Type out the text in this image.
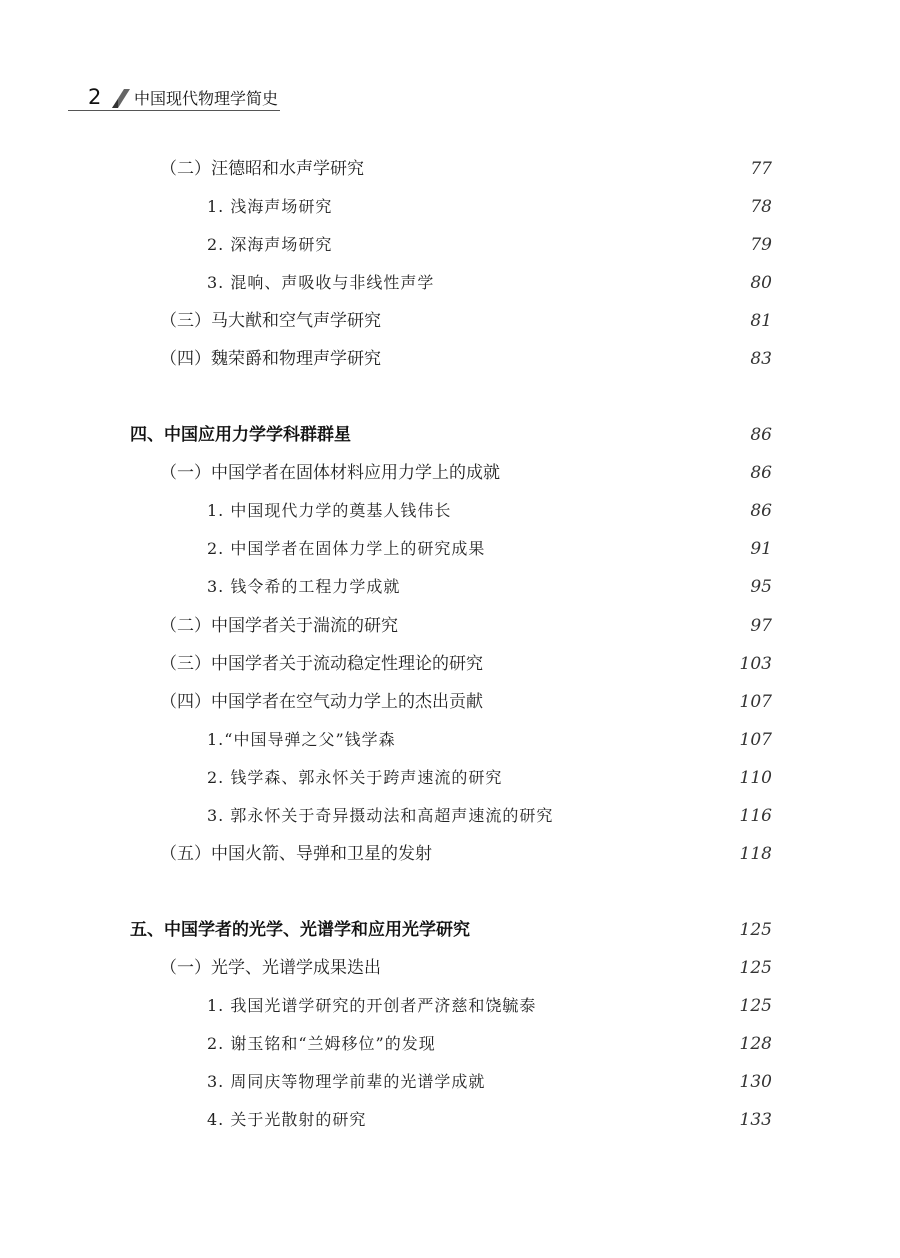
2 中国现代物理学简史
（二）汪德昭和水声学研究	77
1. 浅海声场研究	78
2. 深海声场研究	79
3. 混响、声吸收与非线性声学	80
（三）马大猷和空气声学研究	81
（四）魏荣爵和物理声学研究	83
四、中国应用力学学科群群星	86
（一）中国学者在固体材料应用力学上的成就	86
1. 中国现代力学的奠基人钱伟长	86
2. 中国学者在固体力学上的研究成果	91
3. 钱令希的工程力学成就	95
（二）中国学者关于湍流的研究	97
（三）中国学者关于流动稳定性理论的研究	103
（四）中国学者在空气动力学上的杰出贡献	107
1.“中国导弹之父”钱学森	107
2. 钱学森、郭永怀关于跨声速流的研究	110
3. 郭永怀关于奇异摄动法和高超声速流的研究	116
（五）中国火箭、导弹和卫星的发射	118
五、中国学者的光学、光谱学和应用光学研究	125
（一）光学、光谱学成果迭出	125
1. 我国光谱学研究的开创者严济慈和饶毓泰	125
2. 谢玉铭和“兰姆移位”的发现	128
3. 周同庆等物理学前辈的光谱学成就	130
4. 关于光散射的研究	133
